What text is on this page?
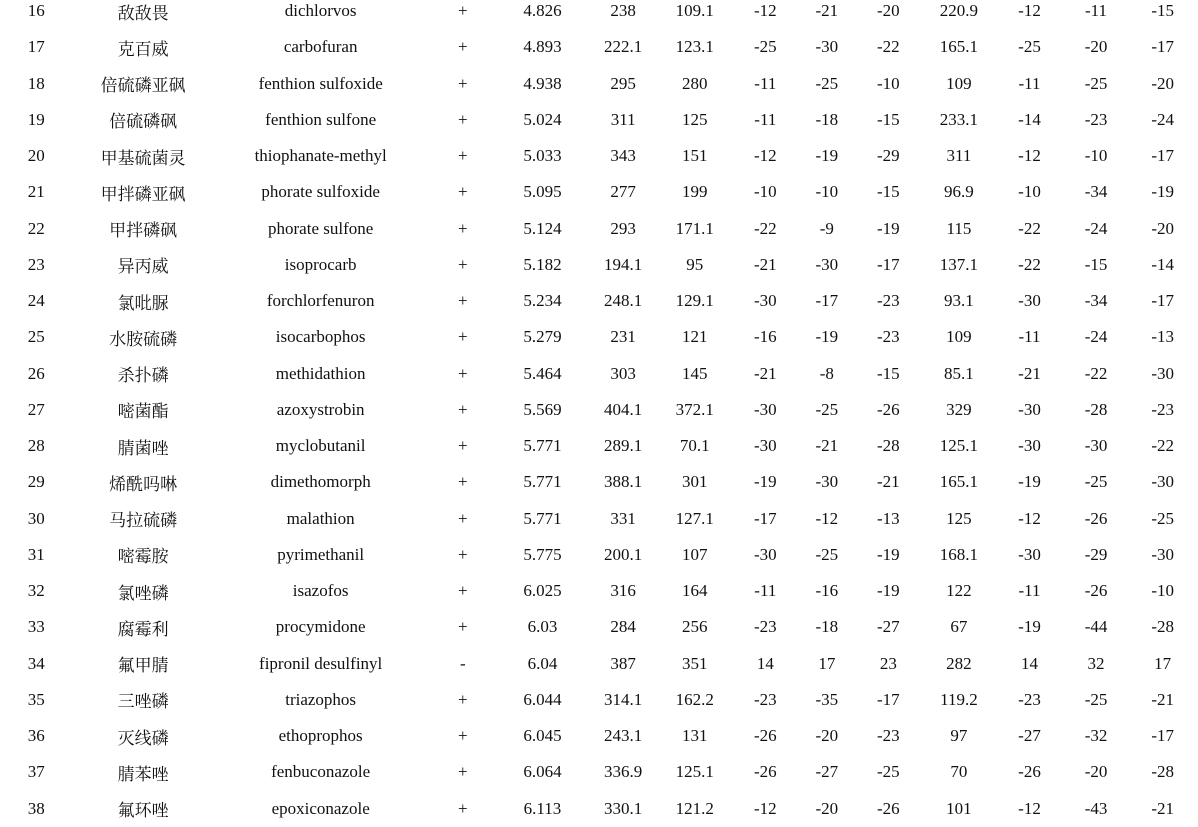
16	敌敌畏	dichlorvos	+	4.826	238	109.1	-12	-21	-20	220.9	-12	-11	-15
17	克百威	carbofuran	+	4.893	222.1	123.1	-25	-30	-22	165.1	-25	-20	-17
18	倍硫磷亚砜	fenthion sulfoxide	+	4.938	295	280	-11	-25	-10	109	-11	-25	-20
19	倍硫磷砜	fenthion sulfone	+	5.024	311	125	-11	-18	-15	233.1	-14	-23	-24
20	甲基硫菌灵	thiophanate-methyl	+	5.033	343	151	-12	-19	-29	311	-12	-10	-17
21	甲拌磷亚砜	phorate sulfoxide	+	5.095	277	199	-10	-10	-15	96.9	-10	-34	-19
22	甲拌磷砜	phorate sulfone	+	5.124	293	171.1	-22	-9	-19	115	-22	-24	-20
23	异丙威	isoprocarb	+	5.182	194.1	95	-21	-30	-17	137.1	-22	-15	-14
24	氯吡脲	forchlorfenuron	+	5.234	248.1	129.1	-30	-17	-23	93.1	-30	-34	-17
25	水胺硫磷	isocarbophos	+	5.279	231	121	-16	-19	-23	109	-11	-24	-13
26	杀扑磷	methidathion	+	5.464	303	145	-21	-8	-15	85.1	-21	-22	-30
27	嘧菌酯	azoxystrobin	+	5.569	404.1	372.1	-30	-25	-26	329	-30	-28	-23
28	腈菌唑	myclobutanil	+	5.771	289.1	70.1	-30	-21	-28	125.1	-30	-30	-22
29	烯酰吗啉	dimethomorph	+	5.771	388.1	301	-19	-30	-21	165.1	-19	-25	-30
30	马拉硫磷	malathion	+	5.771	331	127.1	-17	-12	-13	125	-12	-26	-25
31	嘧霉胺	pyrimethanil	+	5.775	200.1	107	-30	-25	-19	168.1	-30	-29	-30
32	氯唑磷	isazofos	+	6.025	316	164	-11	-16	-19	122	-11	-26	-10
33	腐霉利	procymidone	+	6.03	284	256	-23	-18	-27	67	-19	-44	-28
34	氟甲腈	fipronil desulfinyl	-	6.04	387	351	14	17	23	282	14	32	17
35	三唑磷	triazophos	+	6.044	314.1	162.2	-23	-35	-17	119.2	-23	-25	-21
36	灭线磷	ethoprophos	+	6.045	243.1	131	-26	-20	-23	97	-27	-32	-17
37	腈苯唑	fenbuconazole	+	6.064	336.9	125.1	-26	-27	-25	70	-26	-20	-28
38	氟环唑	epoxiconazole	+	6.113	330.1	121.2	-12	-20	-26	101	-12	-43	-21
